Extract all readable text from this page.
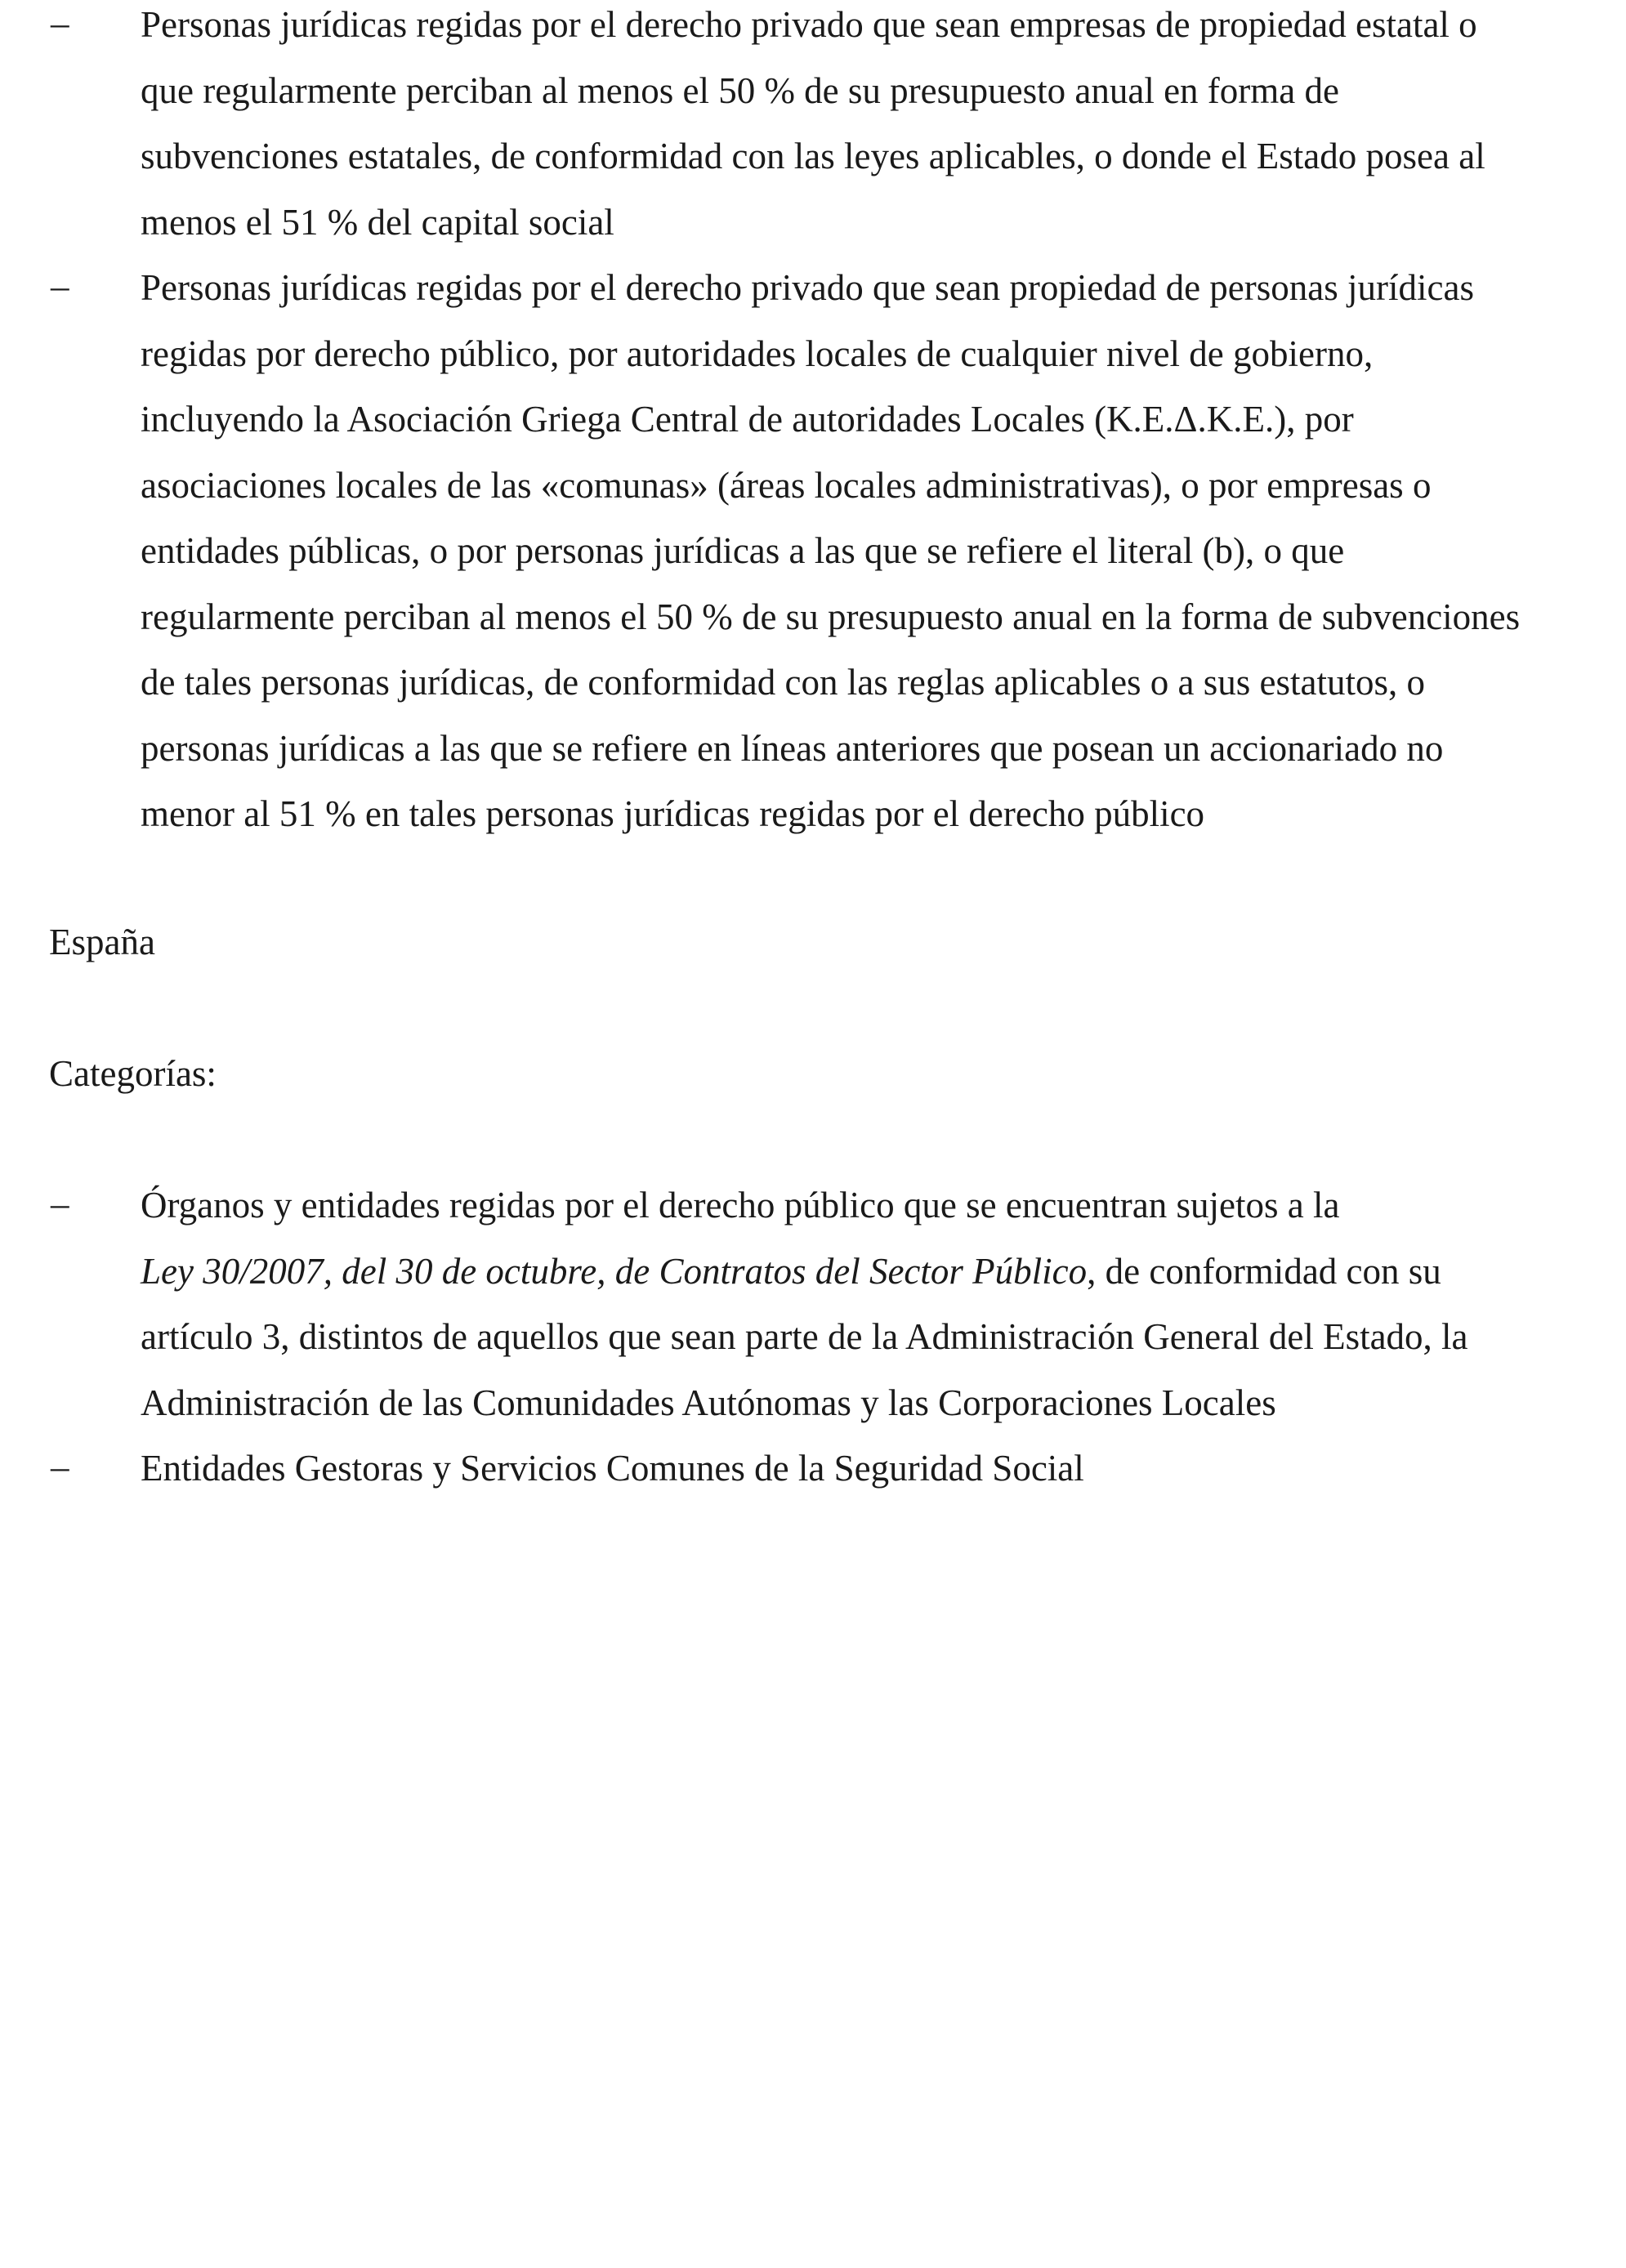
– Personas jurídicas regidas por el derecho privado que sean empresas de propiedad estatal o
que regularmente perciban al menos el 50 % de su presupuesto anual en forma de
subvenciones estatales, de conformidad con las leyes aplicables, o donde el Estado posea al
menos el 51 % del capital social
– Personas jurídicas regidas por el derecho privado que sean propiedad de personas jurídicas
regidas por derecho público, por autoridades locales de cualquier nivel de gobierno,
incluyendo la Asociación Griega Central de autoridades Locales (K.E.Δ.K.E.), por
asociaciones locales de las «comunas» (áreas locales administrativas), o por empresas o
entidades públicas, o por personas jurídicas a las que se refiere el literal (b), o que
regularmente perciban al menos el 50 % de su presupuesto anual en la forma de subvenciones
de tales personas jurídicas, de conformidad con las reglas aplicables o a sus estatutos, o
personas jurídicas a las que se refiere en líneas anteriores que posean un accionariado no
menor al 51 % en tales personas jurídicas regidas por el derecho público
España
Categorías:
– Órganos y entidades regidas por el derecho público que se encuentran sujetos a la
Ley 30/2007, del 30 de octubre, de Contratos del Sector Público, de conformidad con su
artículo 3, distintos de aquellos que sean parte de la Administración General del Estado, la
Administración de las Comunidades Autónomas y las Corporaciones Locales
– Entidades Gestoras y Servicios Comunes de la Seguridad Social
